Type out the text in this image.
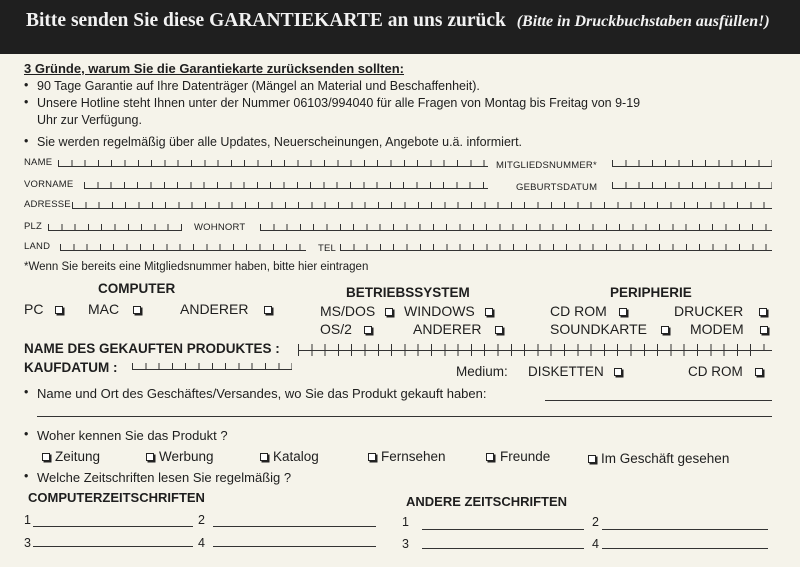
Bitte senden Sie diese GARANTIEKARTE an uns zurück (Bitte in Druckbuchstaben ausfüllen!)
3 Gründe, warum Sie die Garantiekarte zurücksenden sollten:
• 90 Tage Garantie auf Ihre Datenträger (Mängel an Material und Beschaffenheit).
• Unsere Hotline steht Ihnen unter der Nummer 06103/994040 für alle Fragen von Montag bis Freitag von 9-19
Uhr zur Verfügung.
• Sie werden regelmäßig über alle Updates, Neuerscheinungen, Angebote u.ä. informiert.
NAME	MITGLIEDSNUMMER*
VORNAME	GEBURTSDATUM
ADRESSE
PLZ	WOHNORT
LAND	TEL
*Wenn Sie bereits eine Mitgliedsnummer haben, bitte hier eintragen
COMPUTER
PC	MAC	ANDERER
BETRIEBSSYSTEM
MS/DOS	WINDOWS
OS/2	ANDERER
PERIPHERIE
CD ROM	DRUCKER
SOUNDKARTE	MODEM
NAME DES GEKAUFTEN PRODUKTES :
KAUFDATUM :	Medium: DISKETTEN	CD ROM
• Name und Ort des Geschäftes/Versandes, wo Sie das Produkt gekauft haben:
• Woher kennen Sie das Produkt ?
Zeitung	Werbung	Katalog	Fernsehen	Freunde	Im Geschäft gesehen
• Welche Zeitschriften lesen Sie regelmäßig ?
COMPUTERZEITSCHRIFTEN	ANDERE ZEITSCHRIFTEN
1	2
3	4
1	2
3	4
